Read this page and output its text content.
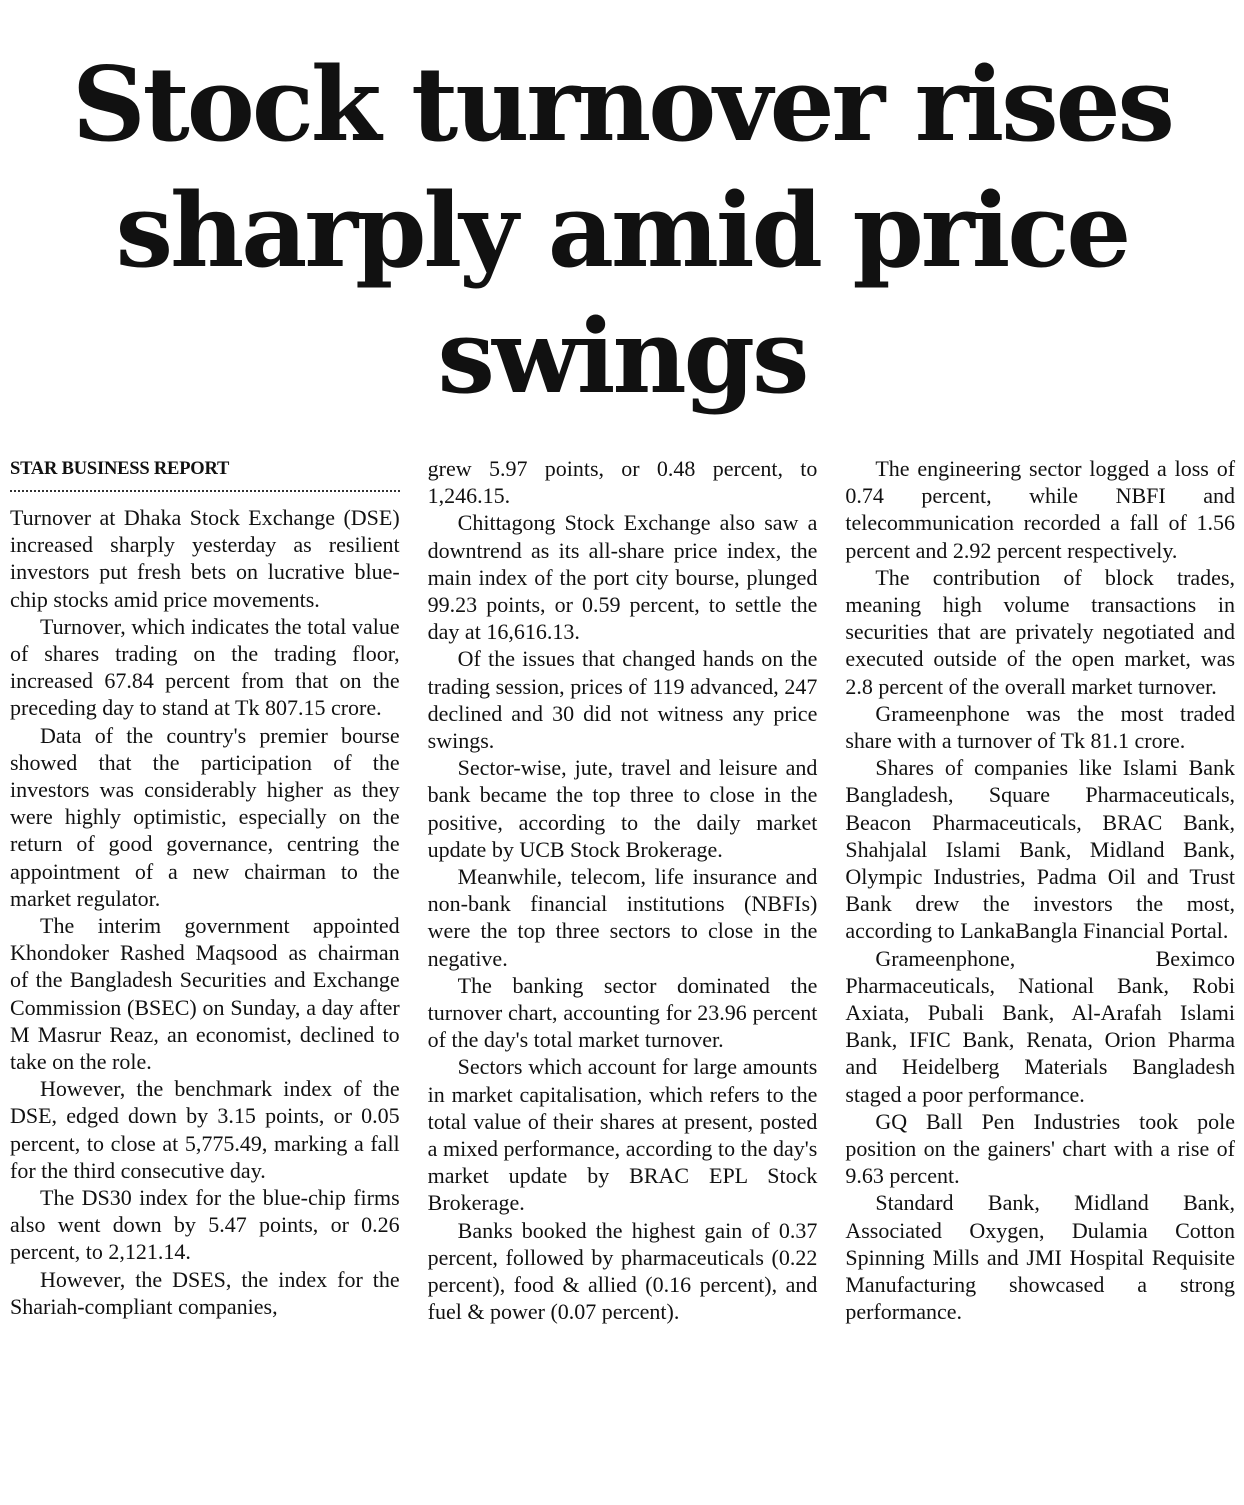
Stock turnover rises sharply amid price swings
STAR BUSINESS REPORT

Turnover at Dhaka Stock Exchange (DSE) increased sharply yesterday as resilient investors put fresh bets on lucrative blue-chip stocks amid price movements.

Turnover, which indicates the total value of shares trading on the trading floor, increased 67.84 percent from that on the preceding day to stand at Tk 807.15 crore.

Data of the country's premier bourse showed that the participation of the investors was considerably higher as they were highly optimistic, especially on the return of good governance, centring the appointment of a new chairman to the market regulator.

The interim government appointed Khondoker Rashed Maqsood as chairman of the Bangladesh Securities and Exchange Commission (BSEC) on Sunday, a day after M Masrur Reaz, an economist, declined to take on the role.

However, the benchmark index of the DSE, edged down by 3.15 points, or 0.05 percent, to close at 5,775.49, marking a fall for the third consecutive day.

The DS30 index for the blue-chip firms also went down by 5.47 points, or 0.26 percent, to 2,121.14.

However, the DSES, the index for the Shariah-compliant companies,

grew 5.97 points, or 0.48 percent, to 1,246.15.

Chittagong Stock Exchange also saw a downtrend as its all-share price index, the main index of the port city bourse, plunged 99.23 points, or 0.59 percent, to settle the day at 16,616.13.

Of the issues that changed hands on the trading session, prices of 119 advanced, 247 declined and 30 did not witness any price swings.

Sector-wise, jute, travel and leisure and bank became the top three to close in the positive, according to the daily market update by UCB Stock Brokerage.

Meanwhile, telecom, life insurance and non-bank financial institutions (NBFIs) were the top three sectors to close in the negative.

The banking sector dominated the turnover chart, accounting for 23.96 percent of the day's total market turnover.

Sectors which account for large amounts in market capitalisation, which refers to the total value of their shares at present, posted a mixed performance, according to the day's market update by BRAC EPL Stock Brokerage.

Banks booked the highest gain of 0.37 percent, followed by pharmaceuticals (0.22 percent), food & allied (0.16 percent), and fuel & power (0.07 percent).

The engineering sector logged a loss of 0.74 percent, while NBFI and telecommunication recorded a fall of 1.56 percent and 2.92 percent respectively.

The contribution of block trades, meaning high volume transactions in securities that are privately negotiated and executed outside of the open market, was 2.8 percent of the overall market turnover.

Grameenphone was the most traded share with a turnover of Tk 81.1 crore.

Shares of companies like Islami Bank Bangladesh, Square Pharmaceuticals, Beacon Pharmaceuticals, BRAC Bank, Shahjalal Islami Bank, Midland Bank, Olympic Industries, Padma Oil and Trust Bank drew the investors the most, according to LankaBangla Financial Portal.

Grameenphone, Beximco Pharmaceuticals, National Bank, Robi Axiata, Pubali Bank, Al-Arafah Islami Bank, IFIC Bank, Renata, Orion Pharma and Heidelberg Materials Bangladesh staged a poor performance.

GQ Ball Pen Industries took pole position on the gainers' chart with a rise of 9.63 percent.

Standard Bank, Midland Bank, Associated Oxygen, Dulamia Cotton Spinning Mills and JMI Hospital Requisite Manufacturing showcased a strong performance.
